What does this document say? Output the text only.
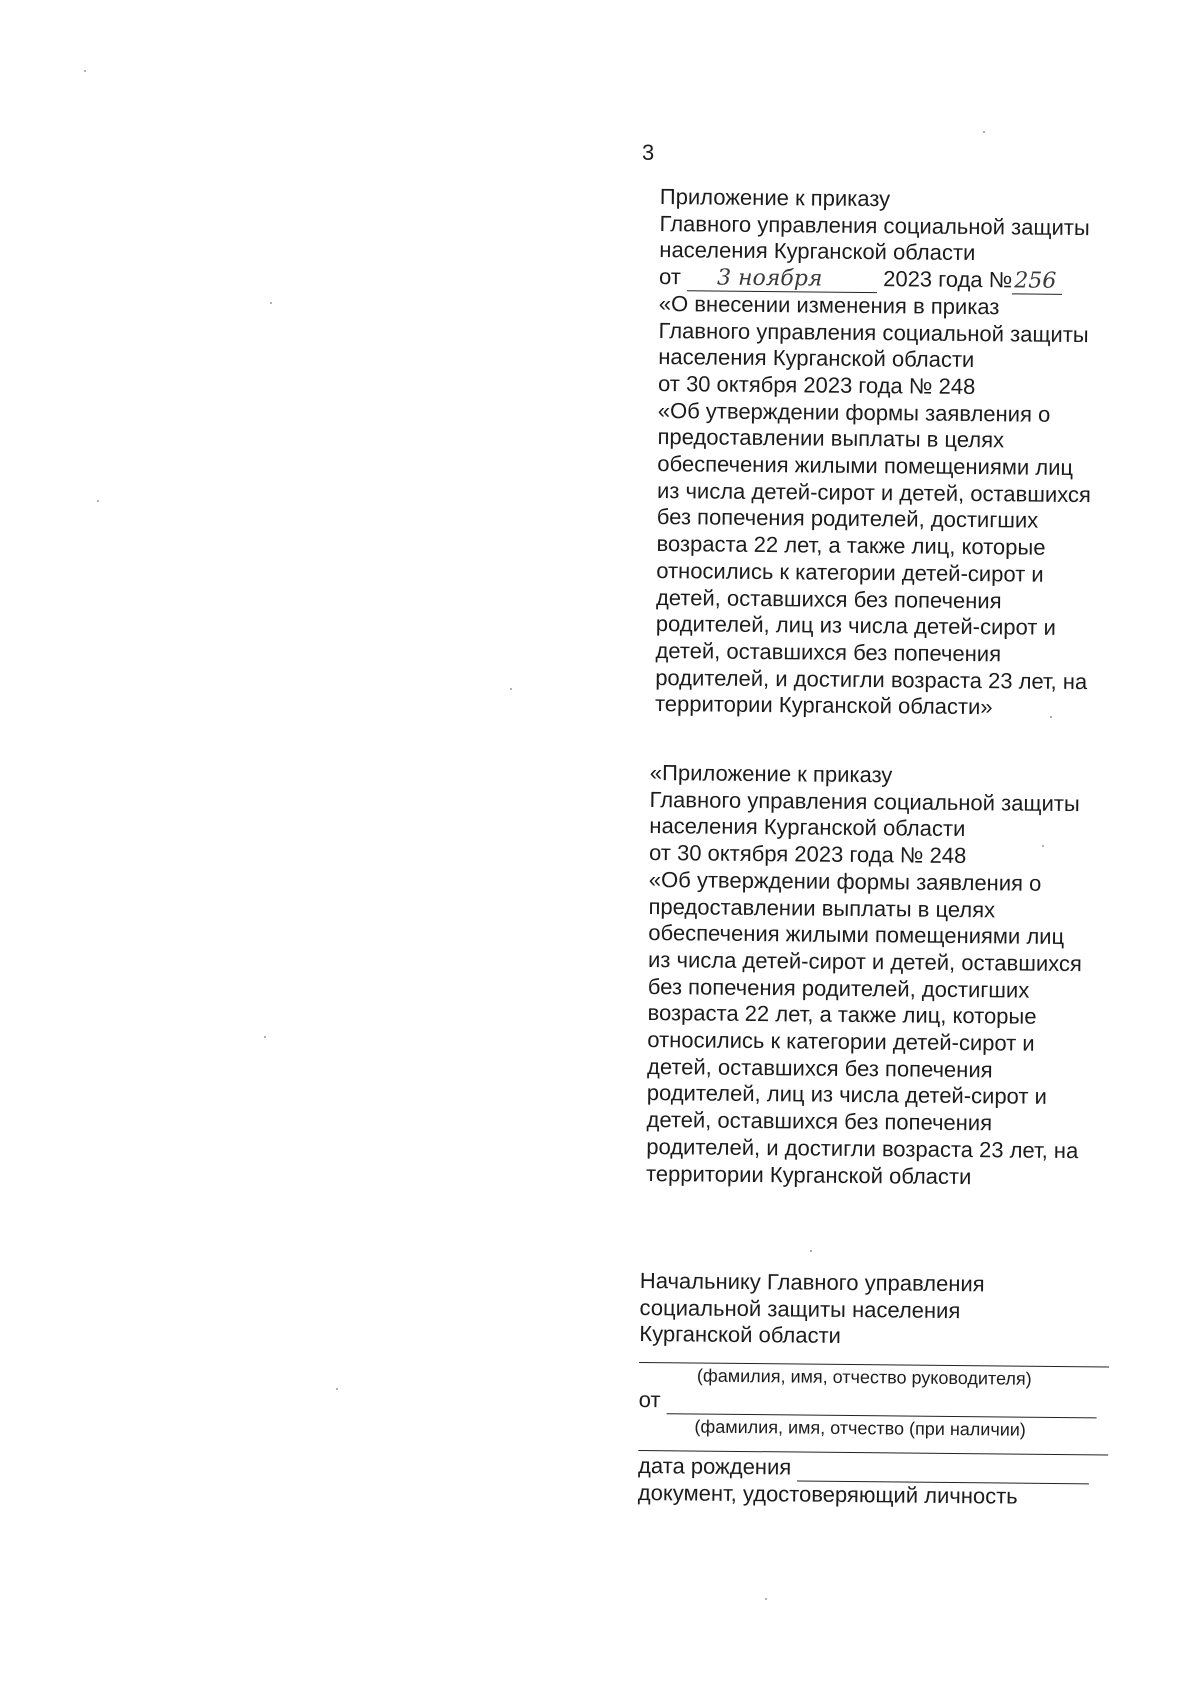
3

Приложение к приказу

Главного управления социальной защиты

населения Курганской области

от 3 ноября	2023 года №256

«О внесении изменения в приказ

Главного управления социальной защиты

населения Курганской области

от 30 октября 2023 года № 248

«Об утверждении формы заявления о

предоставлении выплаты в целях

обеспечения жилыми помещениями лиц

из числа детей-сирот и детей, оставшихся

без попечения родителей, достигших

возраста 22 лет, а также лиц, которые

относились к категории детей-сирот и

детей, оставшихся без попечения

родителей, лиц из числа детей-сирот и

детей, оставшихся без попечения

родителей, и достигли возраста 23 лет, на

территории Курганской области»

«Приложение к приказу

Главного управления социальной защиты

населения Курганской области

от 30 октября 2023 года № 248

«Об утверждении формы заявления о

предоставлении выплаты в целях

обеспечения жилыми помещениями лиц

из числа детей-сирот и детей, оставшихся

без попечения родителей, достигших

возраста 22 лет, а также лиц, которые

относились к категории детей-сирот и

детей, оставшихся без попечения

родителей, лиц из числа детей-сирот и

детей, оставшихся без попечения

родителей, и достигли возраста 23 лет, на

территории Курганской области

Начальнику Главного управления

социальной защиты населения

Курганской области

(фамилия, имя, отчество руководителя)

от

(фамилия, имя, отчество (при наличии)

дата рождения
документ, удостоверяющий личность
